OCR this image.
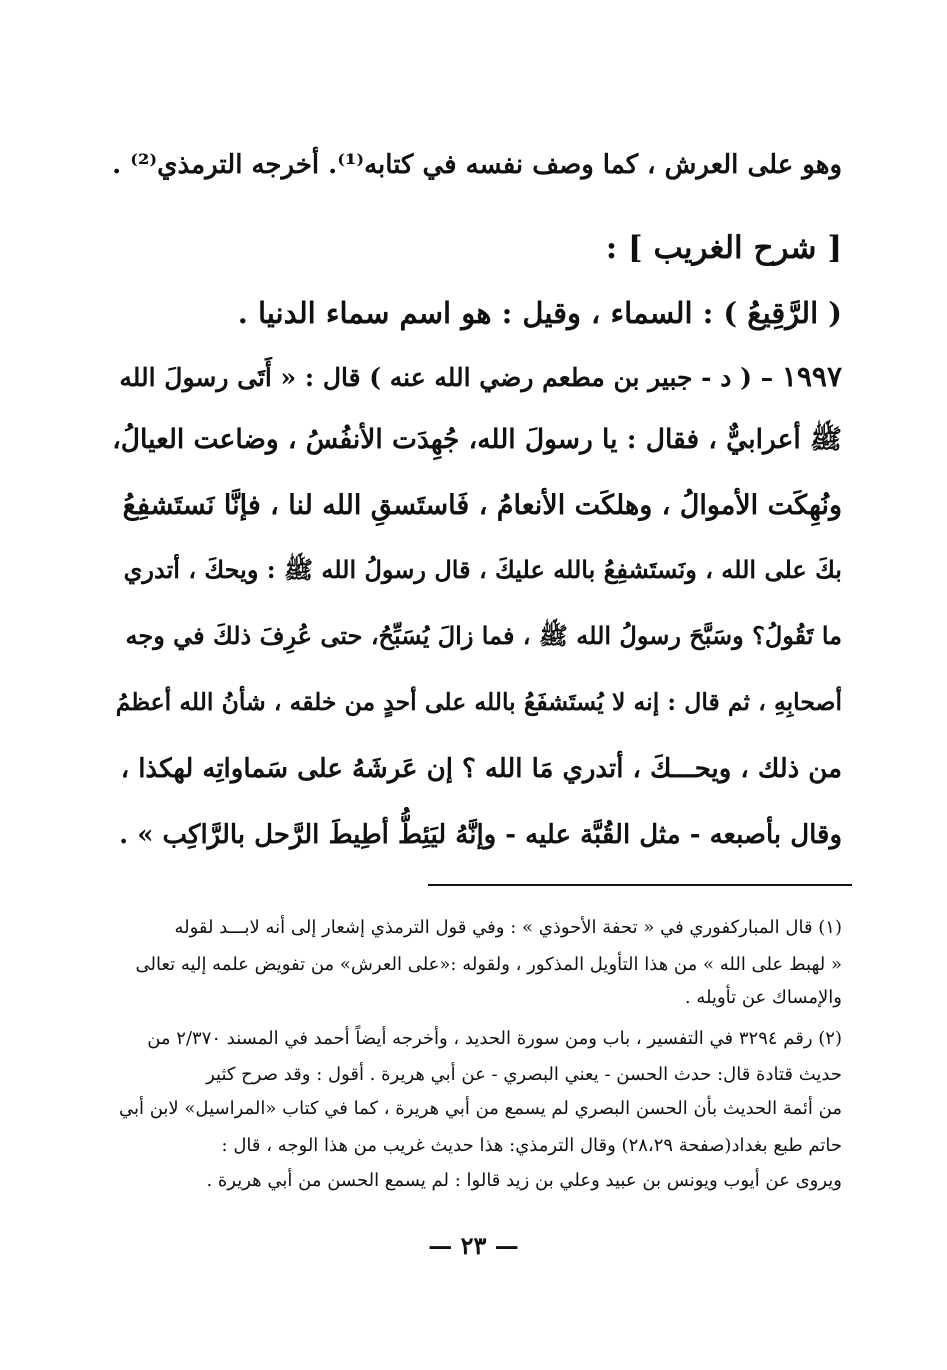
وهو على العرش ، كما وصف نفسه في كتابه⁽¹⁾. أخرجه الترمذي⁽²⁾ .
[ شرح الغريب ] :
( الرَّقِيعُ ) : السماء ، وقيل : هو اسم سماء الدنيا .
١٩٩٧ – ( د - جبير بن مطعم رضي الله عنه ) قال : « أَتَى رسولَ الله
ﷺ أعرابيٌّ ، فقال : يا رسولَ الله، جُهِدَت الأنفُسُ ، وضاعت العيالُ،
ونُهِكَت الأموالُ ، وهلكَت الأنعامُ ، فَاستَسقِ الله لنا ، فإنَّا نَستَشفِعُ
بكَ على الله ، ونَستَشفِعُ بالله عليكَ ، قال رسولُ الله ﷺ : ويحكَ ، أتدري
ما تَقُولُ؟ وسَبَّحَ رسولُ الله ﷺ ، فما زالَ يُسَبِّحُ، حتى عُرِفَ ذلكَ في وجه
أصحابِهِ ، ثم قال : إنه لا يُستَشفَعُ بالله على أحدٍ من خلقه ، شأنُ الله أعظمُ
من ذلك ، ويحـــكَ ، أتدري مَا الله ؟ إن عَرشَهُ على سَماواتِه لهكذا ،
وقال بأصبعه - مثل القُبَّة عليه - وإنَّهُ ليَئِطُّ أطِيطَ الرَّحل بالرَّاكِب » .
(١) قال المباركفوري في « تحفة الأحوذي » : وفي قول الترمذي إشعار إلى أنه لابـــد لقوله
« لهبط على الله » من هذا التأويل المذكور ، ولقوله :«على العرش» من تفويض علمه إليه تعالى
والإمساك عن تأويله .
(٢) رقم ٣٢٩٤ في التفسير ، باب ومن سورة الحديد ، وأخرجه أيضاً أحمد في المسند ٢/٣٧٠ من
حديث قتادة قال: حدث الحسن - يعني البصري - عن أبي هريرة . أقول : وقد صرح كثير
من أئمة الحديث بأن الحسن البصري لم يسمع من أبي هريرة ، كما في كتاب «المراسيل» لابن أبي
حاتم طبع بغداد(صفحة ٢٨،٢٩) وقال الترمذي: هذا حديث غريب من هذا الوجه ، قال :
ويروى عن أيوب ويونس بن عبيد وعلي بن زيد قالوا : لم يسمع الحسن من أبي هريرة .
— ٢٣ —
